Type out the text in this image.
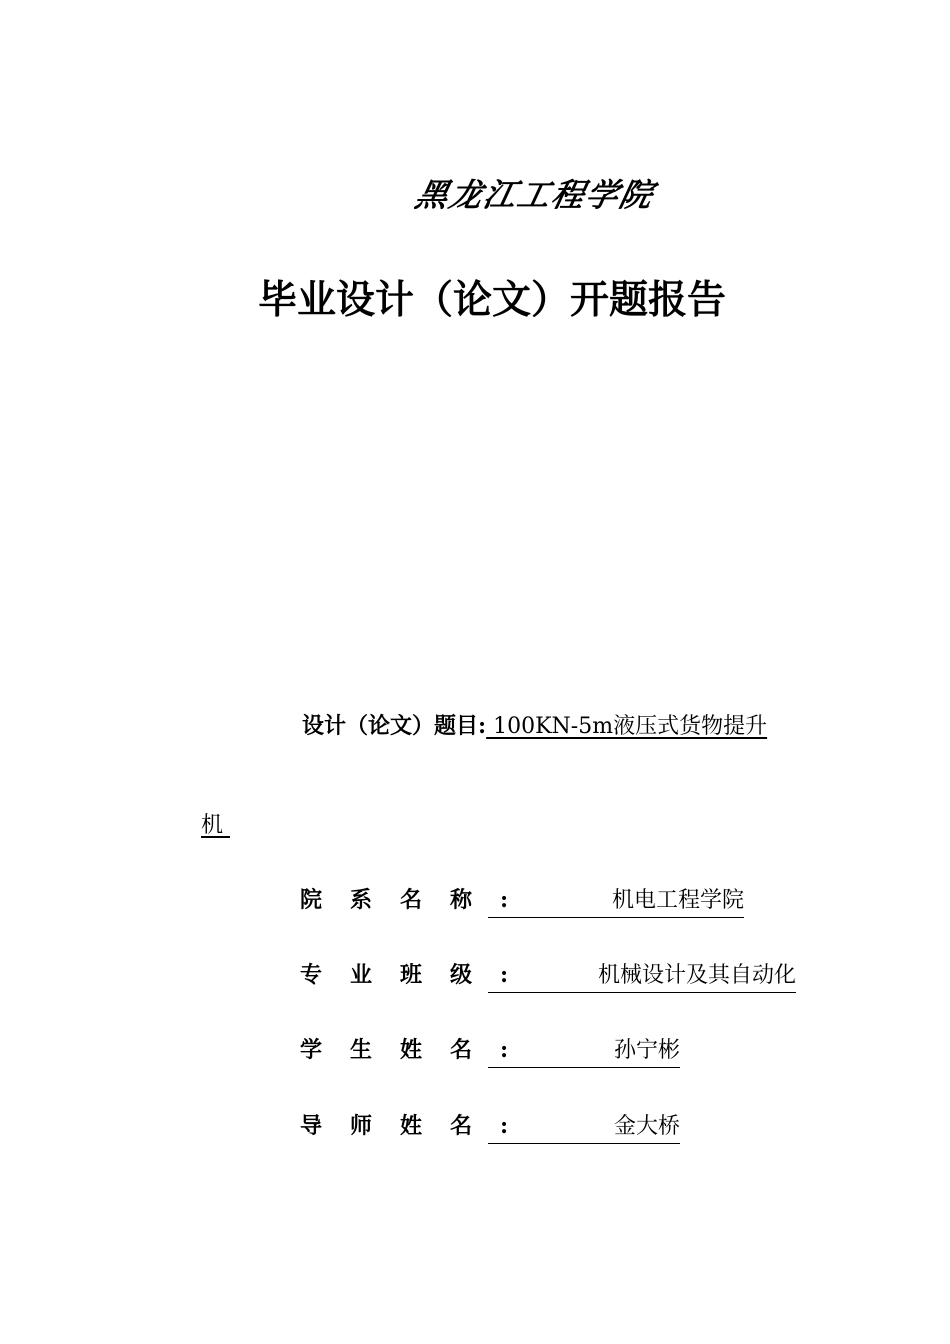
黑龙江工程学院
毕业设计（论文）开题报告
设计（论文）题目: 100KN-5m液压式货物提升
机
院 系 名 称 :	机电工程学院
专 业 班 级 :	机械设计及其自动化
学 生 姓 名 :	孙宁彬
导 师 姓 名 :	金大桥
